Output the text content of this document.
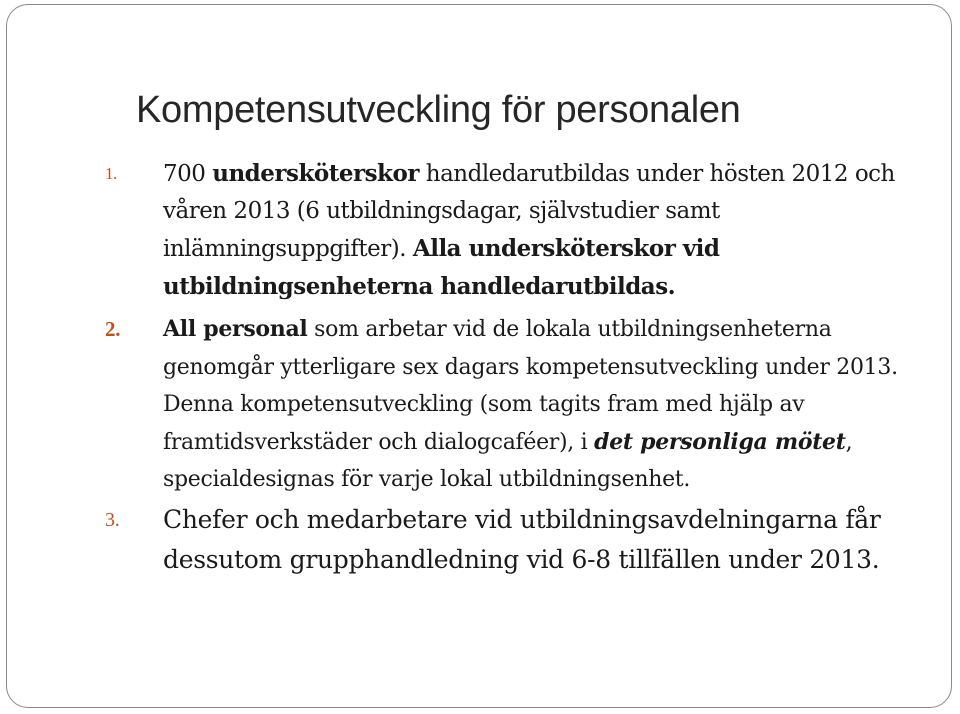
Kompetensutveckling för personalen
1. 700 undersköterskor handledarutbildas under hösten 2012 och våren 2013 (6 utbildningsdagar, självstudier samt inlämningsuppgifter). Alla undersköterskor vid utbildningsenheterna handledarutbildas.
2. All personal som arbetar vid de lokala utbildningsenheterna genomgår ytterligare sex dagars kompetensutveckling under 2013. Denna kompetensutveckling (som tagits fram med hjälp av framtidsverkstäder och dialogcaféer), i det personliga mötet, specialdesignas för varje lokal utbildningsenhet.
3. Chefer och medarbetare vid utbildningsavdelningarna får dessutom grupphandledning vid 6-8 tillfällen under 2013.
